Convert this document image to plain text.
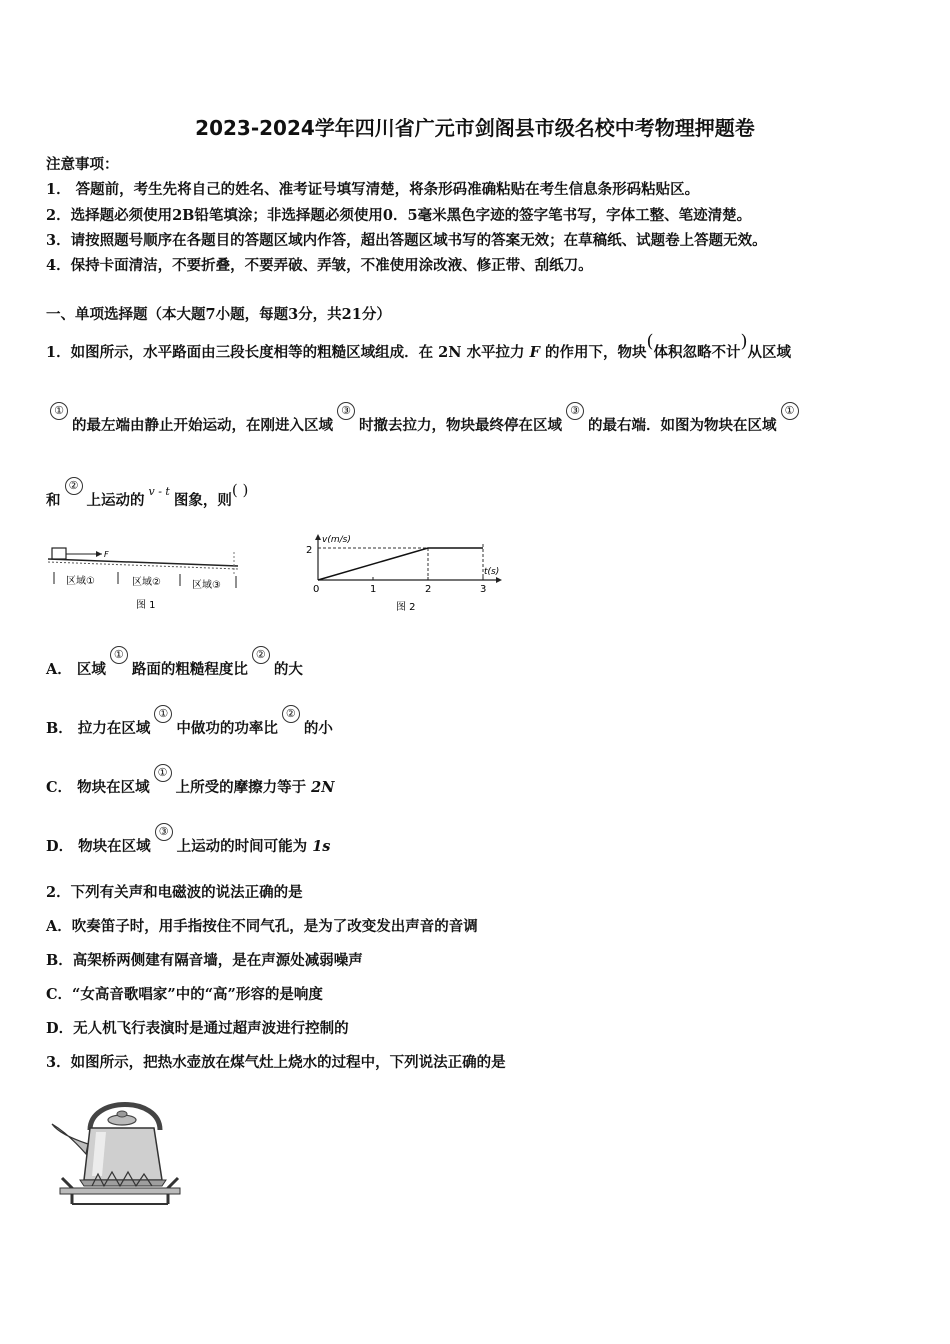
2023-2024学年四川省广元市剑阁县市级名校中考物理押题卷
注意事项：
1． 答题前，考生先将自己的姓名、准考证号填写清楚，将条形码准确粘贴在考生信息条形码粘贴区。
2．选择题必须使用2B铅笔填涂；非选择题必须使用0．5毫米黑色字迹的签字笔书写，字体工整、笔迹清楚。
3．请按照题号顺序在各题目的答题区域内作答，超出答题区域书写的答案无效；在草稿纸、试题卷上答题无效。
4．保持卡面清洁，不要折叠，不要弄破、弄皱，不准使用涂改液、修正带、刮纸刀。
一、单项选择题（本大题7小题，每题3分，共21分）
1．如图所示，水平路面由三段长度相等的粗糙区域组成．在 2N 水平拉力 F 的作用下，物块(体积忽略不计)从区域
①的最左端由静止开始运动，在刚进入区域③时撤去拉力，物块最终停在区域③的最右端．如图为物块在区域①
和②上运动的$^{v - t}$图象，则( )
F
区域①	区域②	区域③
图 1
v(m/s)
t(s)
2
0	1	2	3
图 2
A． 区域①路面的粗糙程度比②的大
B． 拉力在区域①中做功的功率比②的小
C． 物块在区域①上所受的摩擦力等于 2N
D． 物块在区域③上运动的时间可能为 1s
2．下列有关声和电磁波的说法正确的是
A．吹奏笛子时，用手指按住不同气孔，是为了改变发出声音的音调
B．高架桥两侧建有隔音墙，是在声源处减弱噪声
C．“女高音歌唱家”中的“高”形容的是响度
D．无人机飞行表演时是通过超声波进行控制的
3．如图所示，把热水壶放在煤气灶上烧水的过程中，下列说法正确的是
